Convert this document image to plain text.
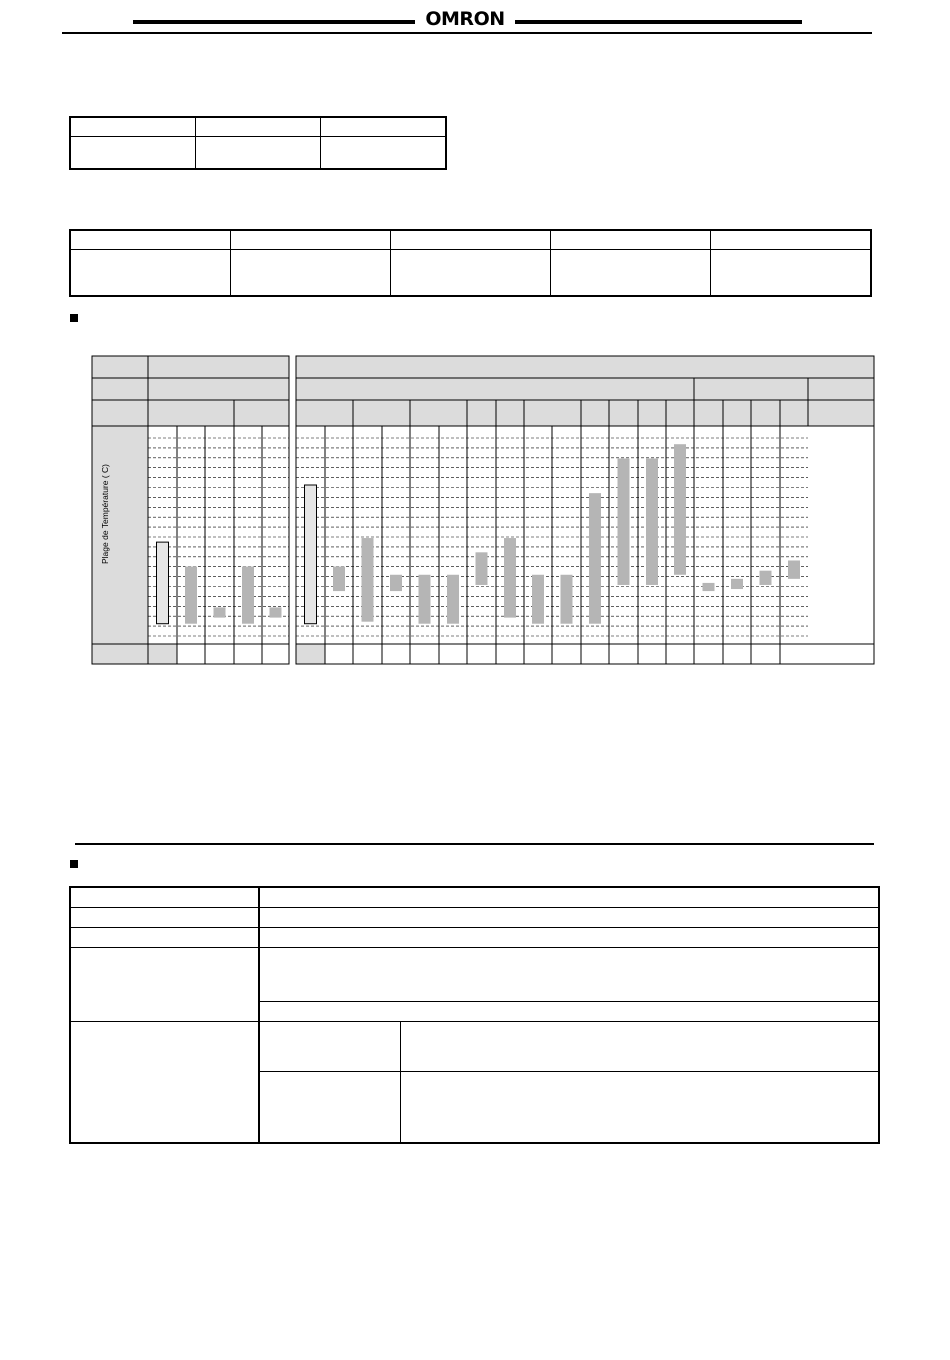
OMRON

Plage de Température ( C)
